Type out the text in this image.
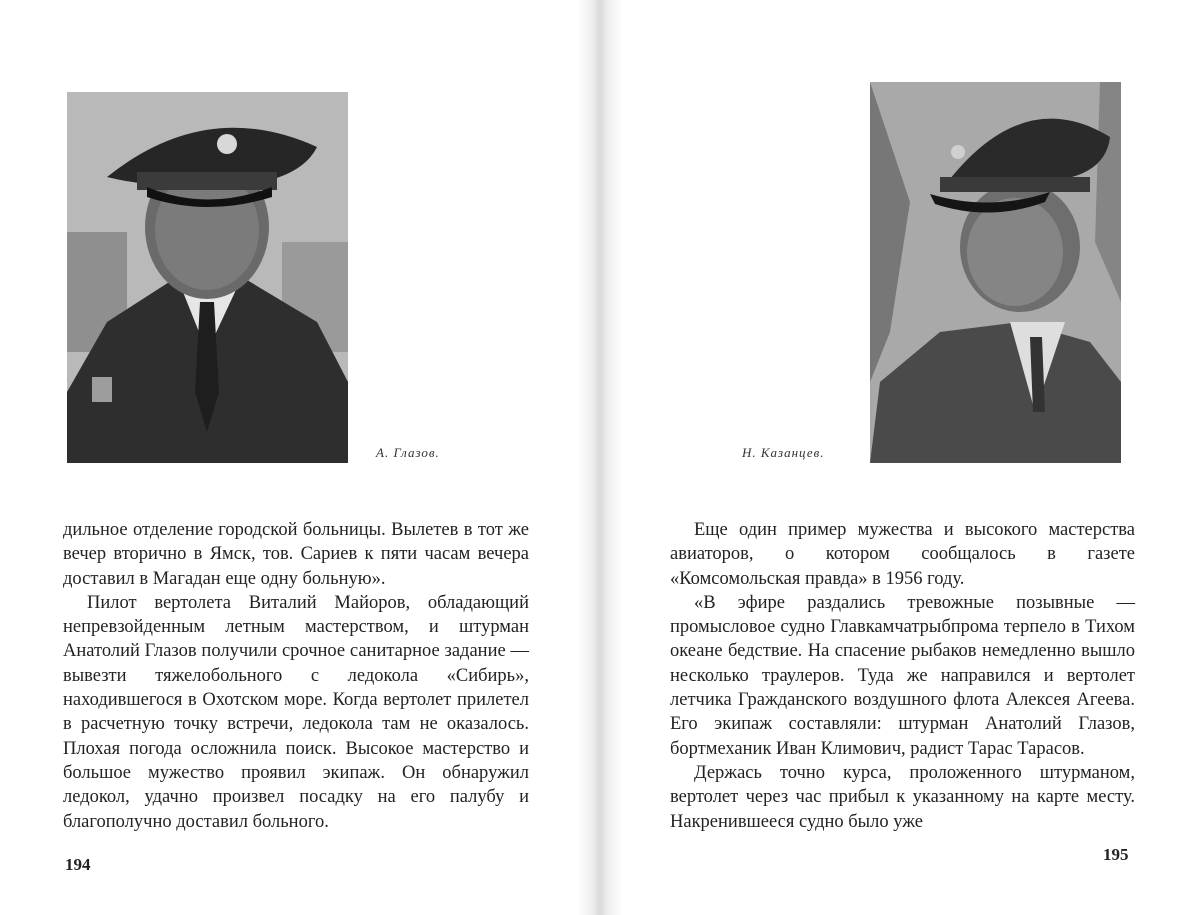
А. Глазов.

дильное отделение городской больницы. Вылетев в тот же вечер вторично в Ямск, тов. Сариев к пяти часам вечера доставил в Магадан еще одну больную».

Пилот вертолета Виталий Майоров, обладающий непревзойденным летным мастерством, и штурман Анатолий Глазов получили срочное санитарное задание — вывезти тяжелобольного с ледокола «Сибирь», находившегося в Охотском море. Когда вертолет прилетел в расчетную точку встречи, ледокола там не оказалось. Плохая погода осложнила поиск. Высокое мастерство и большое мужество проявил экипаж. Он обнаружил ледокол, удачно произвел посадку на его палубу и благополучно доставил больного.

194
Н. Казанцев.

Еще один пример мужества и высокого мастерства авиаторов, о котором сообщалось в газете «Комсомольская правда» в 1956 году.

«В эфире раздались тревожные позывные — промысловое судно Главкамчатрыбпрома терпело в Тихом океане бедствие. На спасение рыбаков немедленно вышло несколько траулеров. Туда же направился и вертолет летчика Гражданского воздушного флота Алексея Агеева. Его экипаж составляли: штурман Анатолий Глазов, бортмеханик Иван Климович, радист Тарас Тарасов.

Держась точно курса, проложенного штурманом, вертолет через час прибыл к указанному на карте месту. Накренившееся судно было уже

195
